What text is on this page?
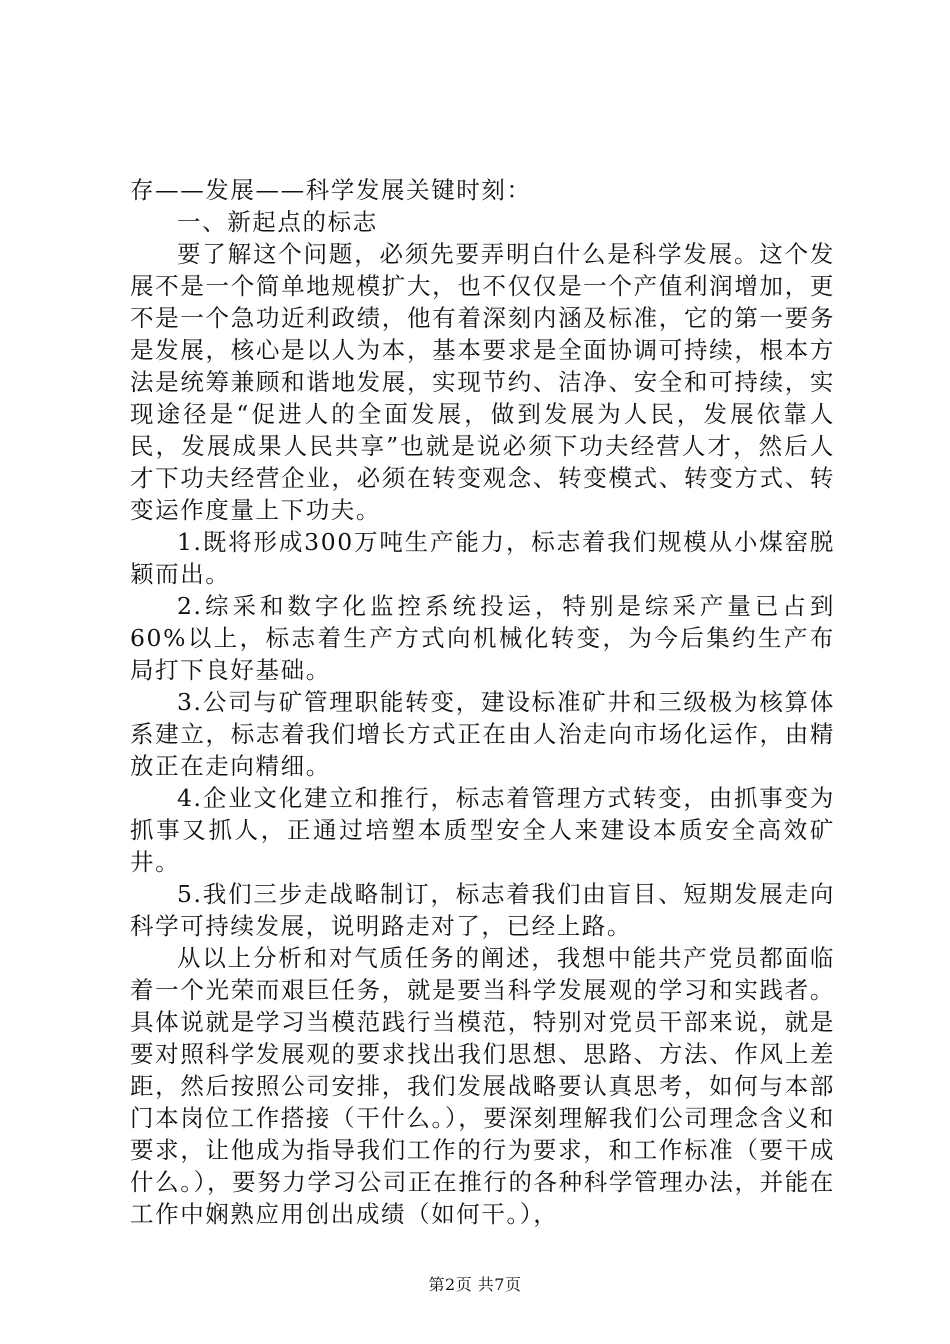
存——发展——科学发展关键时刻：

一、新起点的标志

要了解这个问题，必须先要弄明白什么是科学发展。这个发展不是一个简单地规模扩大，也不仅仅是一个产值利润增加，更不是一个急功近利政绩，他有着深刻内涵及标准，它的第一要务是发展，核心是以人为本，基本要求是全面协调可持续，根本方法是统筹兼顾和谐地发展，实现节约、洁净、安全和可持续，实现途径是“促进人的全面发展，做到发展为人民，发展依靠人民，发展成果人民共享”也就是说必须下功夫经营人才，然后人才下功夫经营企业，必须在转变观念、转变模式、转变方式、转变运作度量上下功夫。

1.既将形成300万吨生产能力，标志着我们规模从小煤窑脱颖而出。

2.综采和数字化监控系统投运，特别是综采产量已占到60%以上，标志着生产方式向机械化转变，为今后集约生产布局打下良好基础。

3.公司与矿管理职能转变，建设标准矿井和三级极为核算体系建立，标志着我们增长方式正在由人治走向市场化运作，由精放正在走向精细。

4.企业文化建立和推行，标志着管理方式转变，由抓事变为抓事又抓人，正通过培塑本质型安全人来建设本质安全高效矿井。

5.我们三步走战略制订，标志着我们由盲目、短期发展走向科学可持续发展，说明路走对了，已经上路。

从以上分析和对气质任务的阐述，我想中能共产党员都面临着一个光荣而艰巨任务，就是要当科学发展观的学习和实践者。具体说就是学习当模范践行当模范，特别对党员干部来说，就是要对照科学发展观的要求找出我们思想、思路、方法、作风上差距，然后按照公司安排，我们发展战略要认真思考，如何与本部门本岗位工作搭接（干什么。），要深刻理解我们公司理念含义和要求，让他成为指导我们工作的行为要求，和工作标准（要干成什么。），要努力学习公司正在推行的各种科学管理办法，并能在工作中娴熟应用创出成绩（如何干。），

第2页 共7页
